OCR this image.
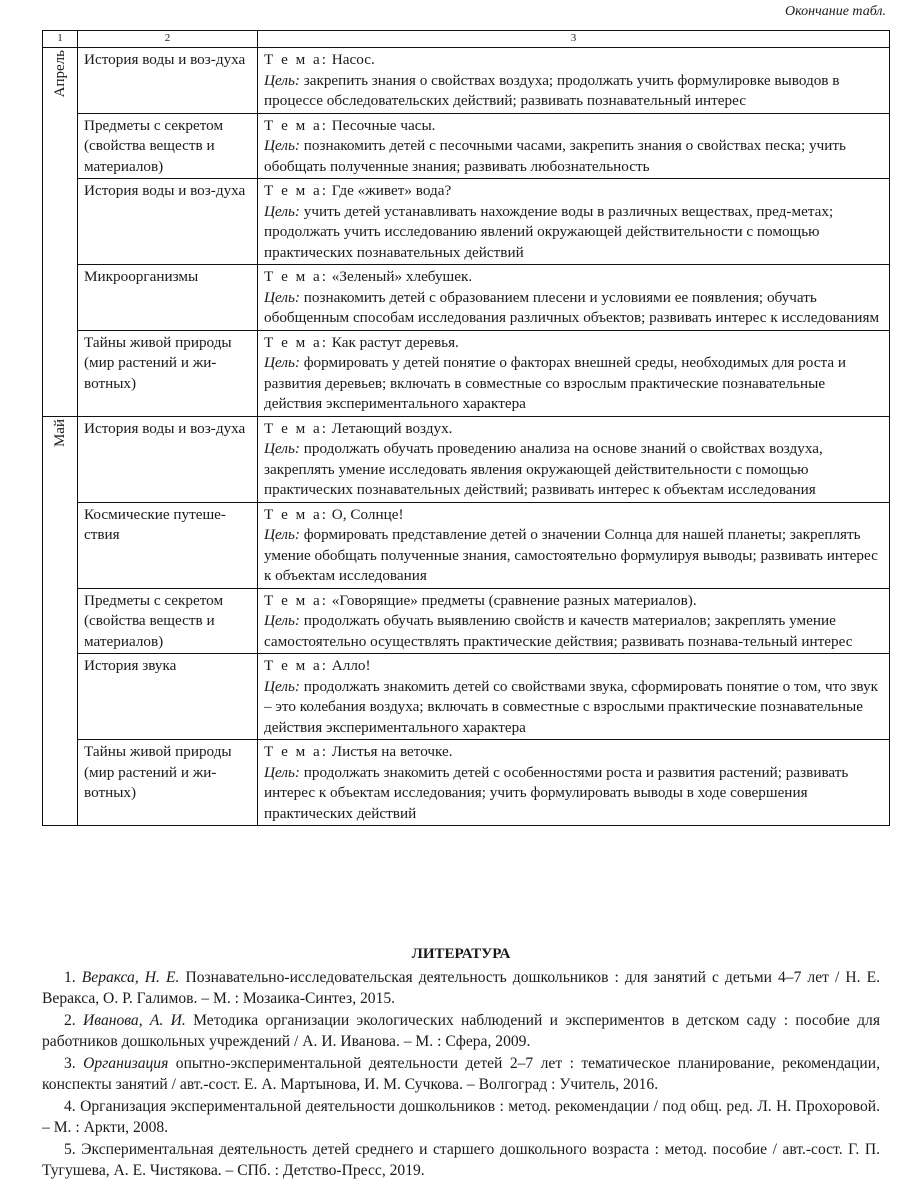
Окончание табл.
1	2	3
Апрель	История воды и воз-духа	Т е м а: Насос.
Цель: закрепить знания о свойствах воздуха; продолжать учить формулировке выводов в процессе обследовательских действий; развивать познавательный интерес

	Предметы с секретом (свойства веществ и материалов)	Т е м а: Песочные часы.
Цель: познакомить детей с песочными часами, закрепить знания о свойствах песка; учить обобщать полученные знания; развивать любознательность

	История воды и воз-духа	Т е м а: Где «живет» вода?
Цель: учить детей устанавливать нахождение воды в различных веществах, пред-метах; продолжать учить исследованию явлений окружающей действительности с помощью практических познавательных действий

	Микроорганизмы	Т е м а: «Зеленый» хлебушек.
Цель: познакомить детей с образованием плесени и условиями ее появления; обучать обобщенным способам исследования различных объектов; развивать интерес к исследованиям

	Тайны живой природы (мир растений и жи-вотных)	Т е м а: Как растут деревья.
Цель: формировать у детей понятие о факторах внешней среды, необходимых для роста и развития деревьев; включать в совместные со взрослым практические познавательные действия экспериментального характера

Май	История воды и воз-духа	Т е м а: Летающий воздух.
Цель: продолжать обучать проведению анализа на основе знаний о свойствах воздуха, закреплять умение исследовать явления окружающей действительности с помощью практических познавательных действий; развивать интерес к объектам исследования

	Космические путеше-ствия	Т е м а: О, Солнце!
Цель: формировать представление детей о значении Солнца для нашей планеты; закреплять умение обобщать полученные знания, самостоятельно формулируя выводы; развивать интерес к объектам исследования

	Предметы с секретом (свойства веществ и материалов)	Т е м а: «Говорящие» предметы (сравнение разных материалов).
Цель: продолжать обучать выявлению свойств и качеств материалов; закреплять умение самостоятельно осуществлять практические действия; развивать познава-тельный интерес

	История звука	Т е м а: Алло!
Цель: продолжать знакомить детей со свойствами звука, сформировать понятие о том, что звук – это колебания воздуха; включать в совместные с взрослыми практические познавательные действия экспериментального характера

	Тайны живой природы (мир растений и жи-вотных)	Т е м а: Листья на веточке.
Цель: продолжать знакомить детей с особенностями роста и развития растений; развивать интерес к объектам исследования; учить формулировать выводы в ходе совершения практических действий
ЛИТЕРАТУРА

1. Веракса, Н. Е. Познавательно-исследовательская деятельность дошкольников : для занятий с детьми 4–7 лет / Н. Е. Веракса, О. Р. Галимов. – М. : Мозаика-Синтез, 2015.

2. Иванова, А. И. Методика организации экологических наблюдений и экспериментов в детском саду : пособие для работников дошкольных учреждений / А. И. Иванова. – М. : Сфера, 2009.

3. Организация опытно-экспериментальной деятельности детей 2–7 лет : тематическое планирование, рекомендации, конспекты занятий / авт.-сост. Е. А. Мартынова, И. М. Сучкова. – Волгоград : Учитель, 2016.

4. Организация экспериментальной деятельности дошкольников : метод. рекомендации / под общ. ред. Л. Н. Прохоровой. – М. : Аркти, 2008.

5. Экспериментальная деятельность детей среднего и старшего дошкольного возраста : метод. пособие / авт.-сост. Г. П. Тугушева, А. Е. Чистякова. – СПб. : Детство-Пресс, 2019.
